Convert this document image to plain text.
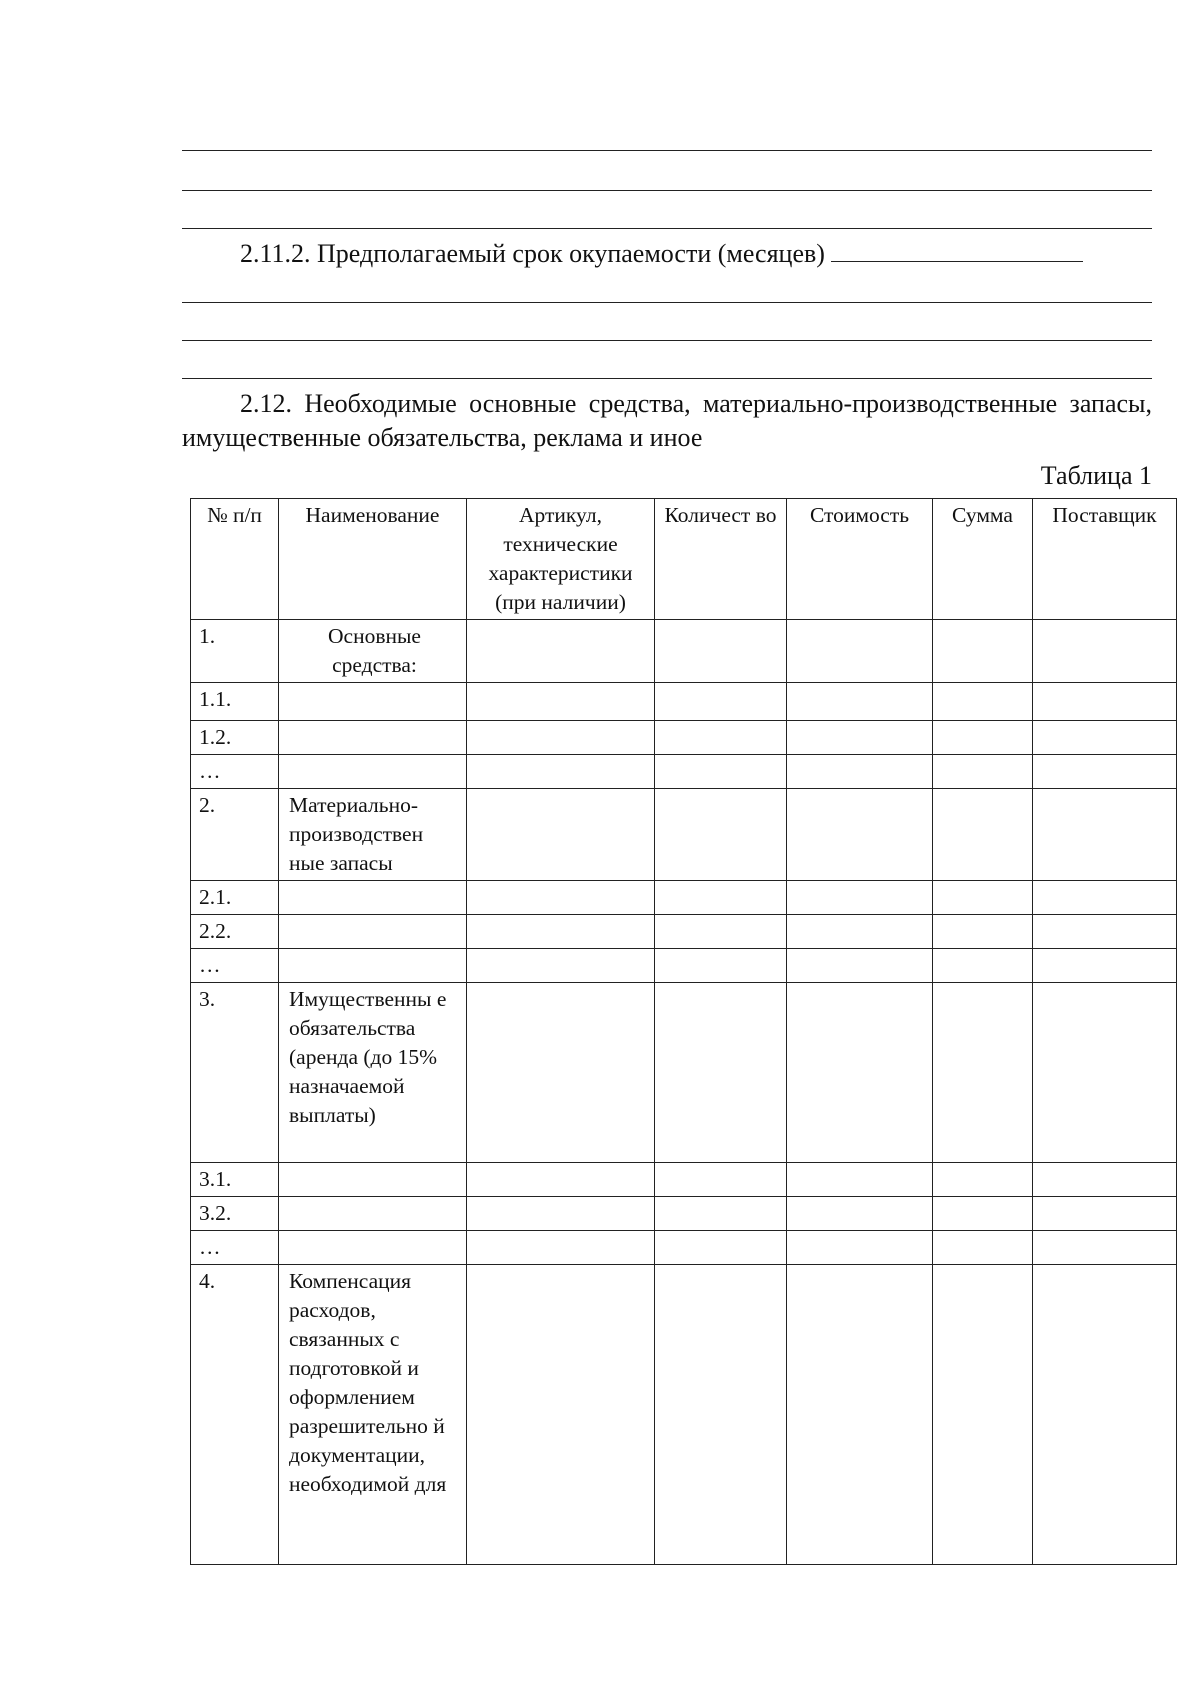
2.11.2. Предполагаемый срок окупаемости (месяцев)
2.12. Необходимые основные средства, материально-производственные запасы, имущественные обязательства, реклама и иное
Таблица 1
№ п/п	Наименование	Артикул, технические характеристики (при наличии)	Количест во	Стоимость	Сумма	Поставщик
1.	Основные средства:					
1.1.						
1.2.						
…						
2.	Материально-производствен ные запасы					
2.1.						
2.2.						
…						
3.	Имущественны е обязательства (аренда (до 15% назначаемой выплаты)					
3.1.						
3.2.						
…						
4.	Компенсация расходов, связанных с подготовкой и оформлением разрешительно й документации, необходимой для					
